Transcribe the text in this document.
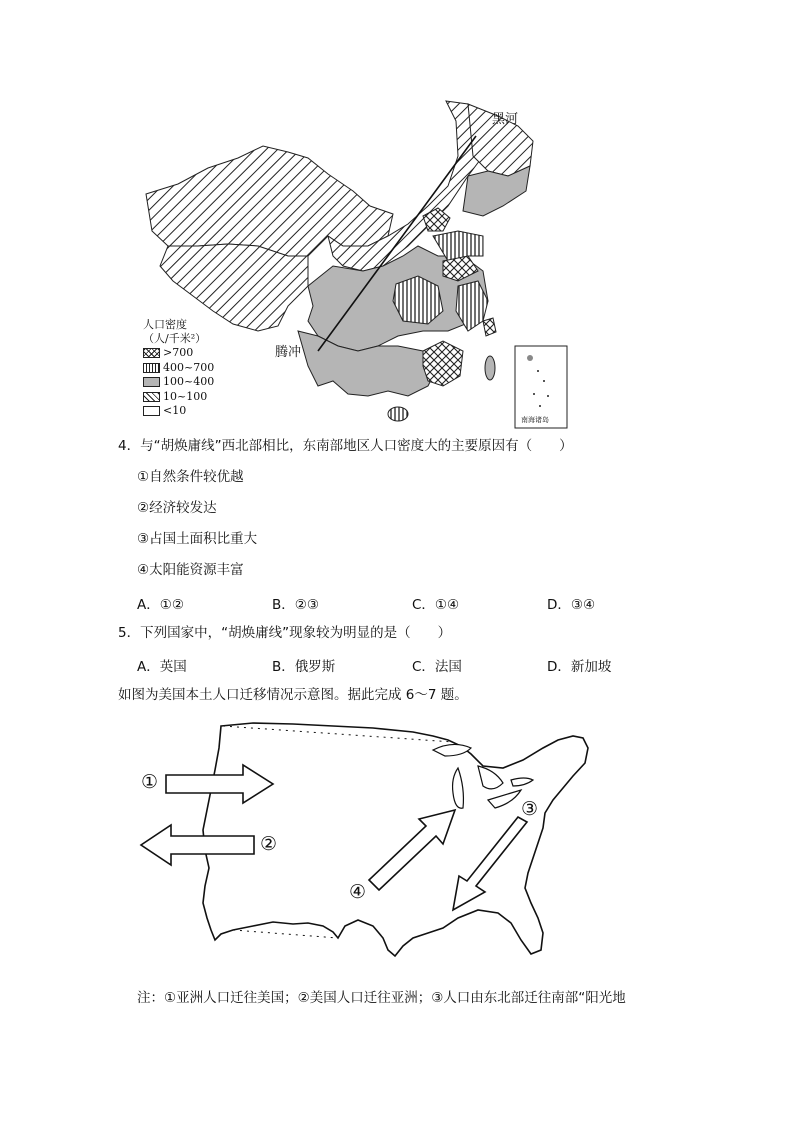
黑河
腾冲
南海诸岛
人口密度
（人/千米²）
>700
400~700
100~400
10~100
<10
4．与“胡焕庸线”西北部相比，东南部地区人口密度大的主要原因有（　　）
①自然条件较优越
②经济较发达
③占国土面积比重大
④太阳能资源丰富
A．①②	B．②③	C．①④	D．③④
5．下列国家中，“胡焕庸线”现象较为明显的是（　　）
A．英国	B．俄罗斯	C．法国	D．新加坡
如图为美国本土人口迁移情况示意图。据此完成 6～7 题。
①
②
③
④
注：①亚洲人口迁往美国；②美国人口迁往亚洲；③人口由东北部迁往南部“阳光地
